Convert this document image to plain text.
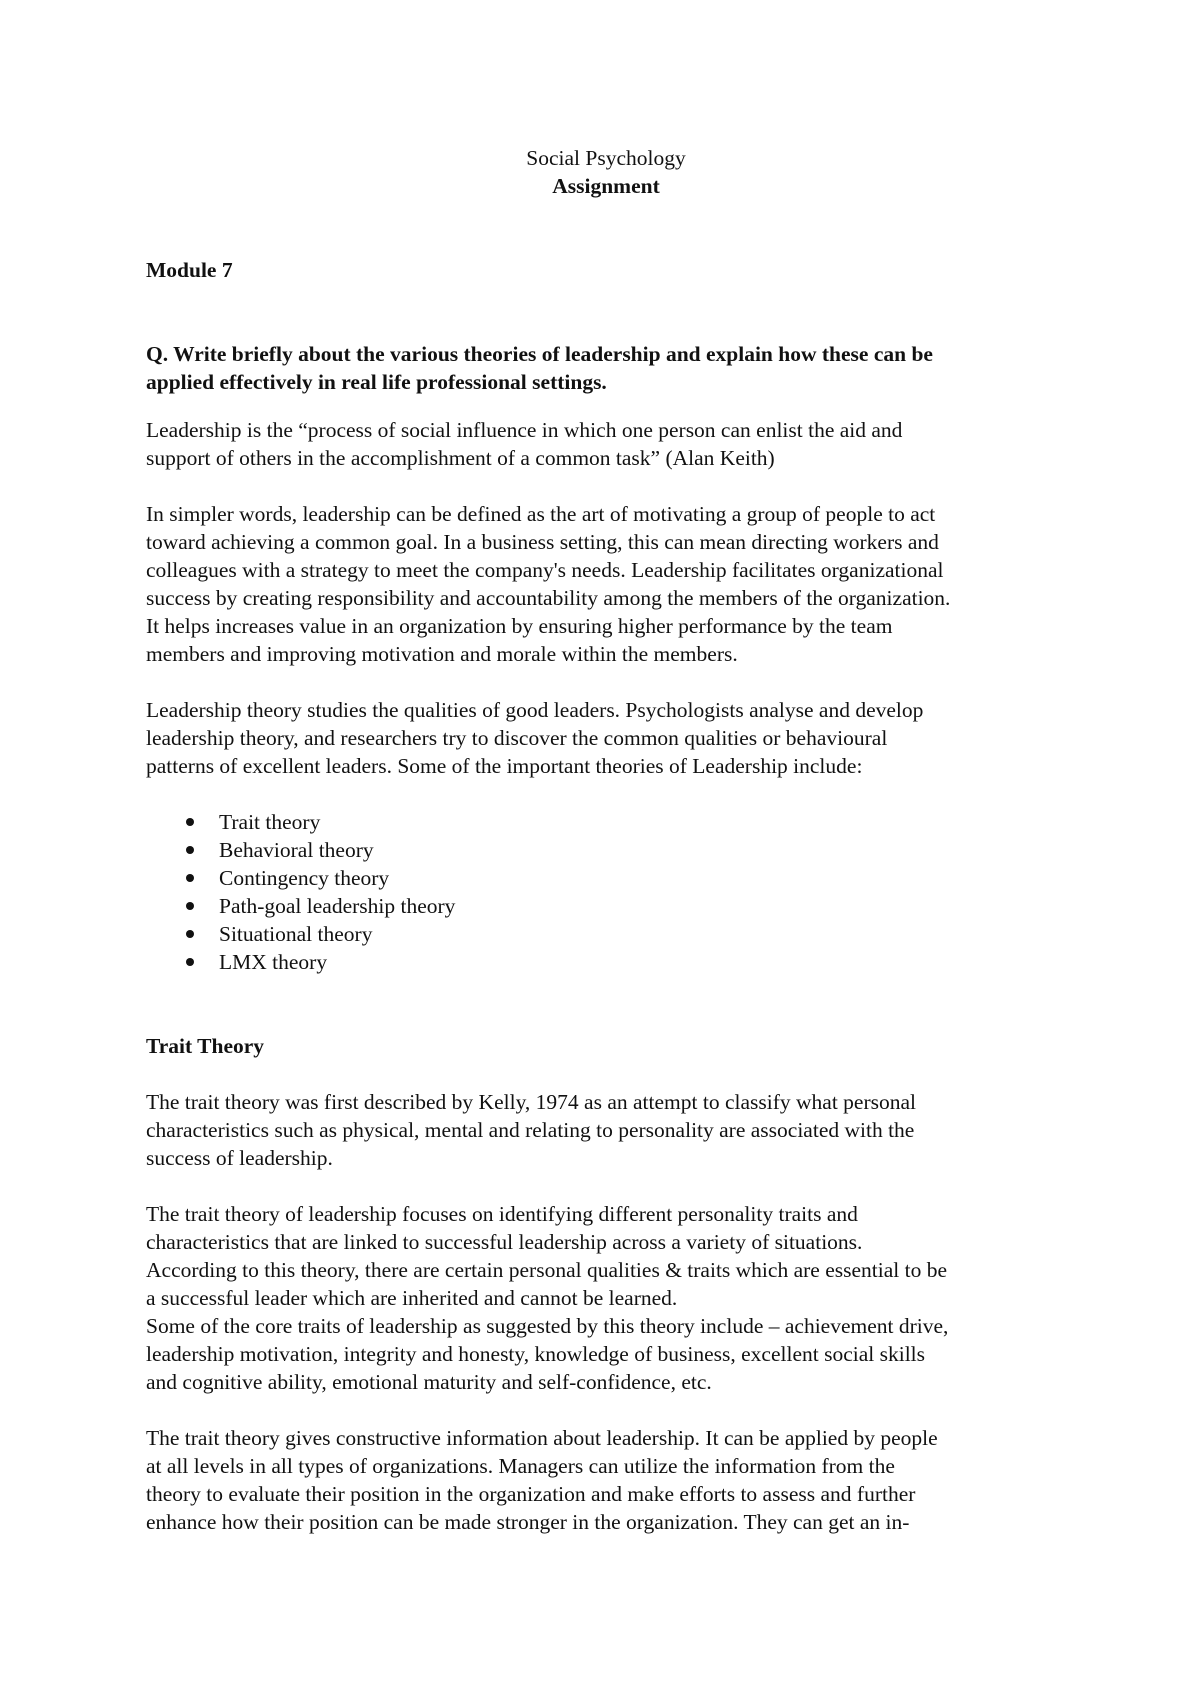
Social Psychology
Assignment
Module 7
Q. Write briefly about the various theories of leadership and explain how these can be
applied effectively in real life professional settings.
Leadership is the “process of social influence in which one person can enlist the aid and
support of others in the accomplishment of a common task” (Alan Keith)
In simpler words, leadership can be defined as the art of motivating a group of people to act
toward achieving a common goal. In a business setting, this can mean directing workers and
colleagues with a strategy to meet the company's needs. Leadership facilitates organizational
success by creating responsibility and accountability among the members of the organization.
It helps increases value in an organization by ensuring higher performance by the team
members and improving motivation and morale within the members.
Leadership theory studies the qualities of good leaders. Psychologists analyse and develop
leadership theory, and researchers try to discover the common qualities or behavioural
patterns of excellent leaders. Some of the important theories of Leadership include:
Trait theory
Behavioral theory
Contingency theory
Path-goal leadership theory
Situational theory
LMX theory
Trait Theory
The trait theory was first described by Kelly, 1974 as an attempt to classify what personal
characteristics such as physical, mental and relating to personality are associated with the
success of leadership.
The trait theory of leadership focuses on identifying different personality traits and
characteristics that are linked to successful leadership across a variety of situations.
According to this theory, there are certain personal qualities & traits which are essential to be
a successful leader which are inherited and cannot be learned.
Some of the core traits of leadership as suggested by this theory include – achievement drive,
leadership motivation, integrity and honesty, knowledge of business, excellent social skills
and cognitive ability, emotional maturity and self-confidence, etc.
The trait theory gives constructive information about leadership. It can be applied by people
at all levels in all types of organizations. Managers can utilize the information from the
theory to evaluate their position in the organization and make efforts to assess and further
enhance how their position can be made stronger in the organization. They can get an in-
